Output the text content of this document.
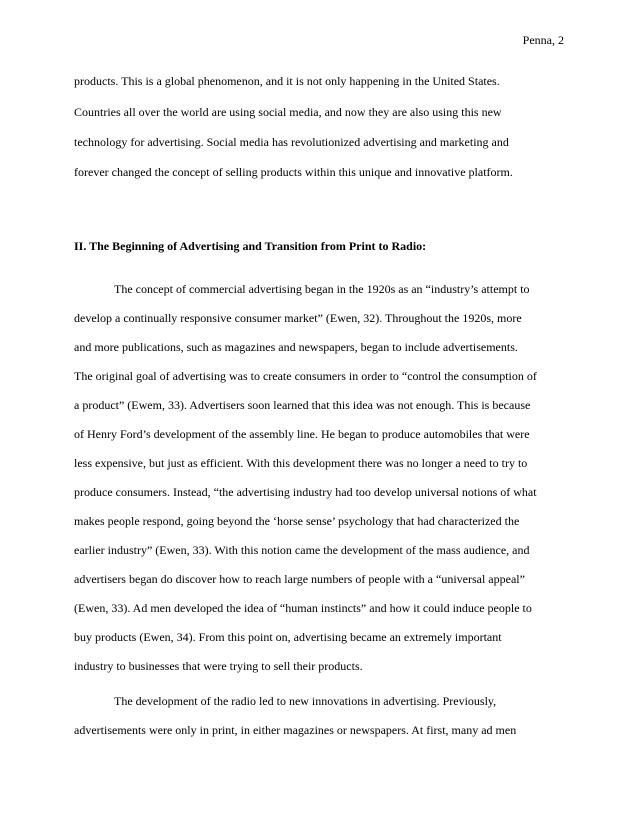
Penna, 2
products. This is a global phenomenon, and it is not only happening in the United States.
Countries all over the world are using social media, and now they are also using this new
technology for advertising. Social media has revolutionized advertising and marketing and
forever changed the concept of selling products within this unique and innovative platform.
II. The Beginning of Advertising and Transition from Print to Radio:
The concept of commercial advertising began in the 1920s as an “industry’s attempt to
develop a continually responsive consumer market” (Ewen, 32). Throughout the 1920s, more
and more publications, such as magazines and newspapers, began to include advertisements.
The original goal of advertising was to create consumers in order to “control the consumption of
a product” (Ewem, 33). Advertisers soon learned that this idea was not enough. This is because
of Henry Ford’s development of the assembly line. He began to produce automobiles that were
less expensive, but just as efficient. With this development there was no longer a need to try to
produce consumers. Instead, “the advertising industry had too develop universal notions of what
makes people respond, going beyond the ‘horse sense’ psychology that had characterized the
earlier industry” (Ewen, 33). With this notion came the development of the mass audience, and
advertisers began do discover how to reach large numbers of people with a “universal appeal”
(Ewen, 33). Ad men developed the idea of “human instincts” and how it could induce people to
buy products (Ewen, 34). From this point on, advertising became an extremely important
industry to businesses that were trying to sell their products.
The development of the radio led to new innovations in advertising. Previously,
advertisements were only in print, in either magazines or newspapers. At first, many ad men
